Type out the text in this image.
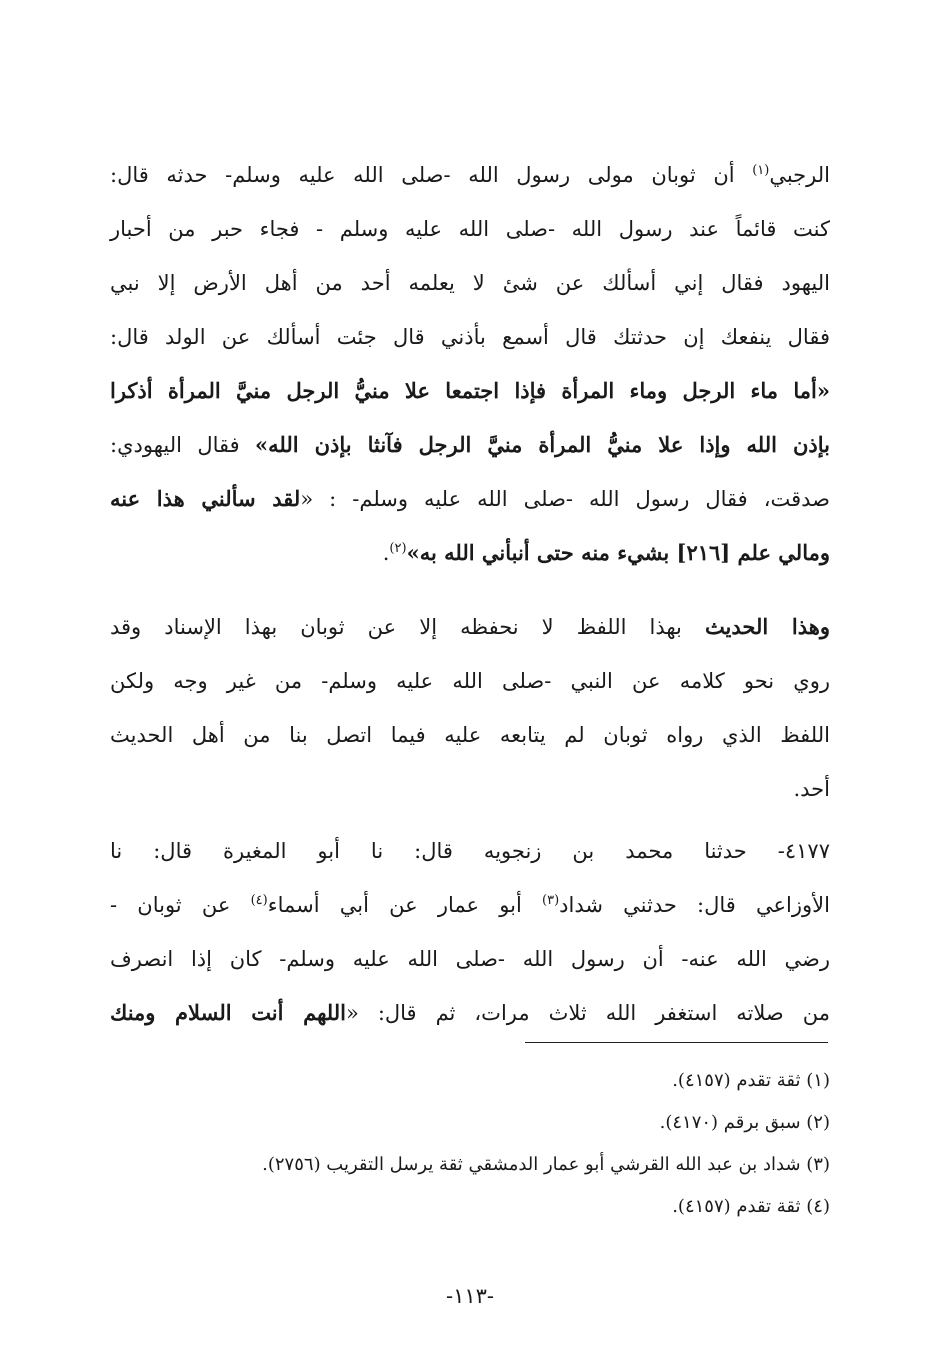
الرجبي$^{(١)}$ أن ثوبان مولى رسول الله -صلى الله عليه وسلم- حدثه قال:
كنت قائماً عند رسول الله -صلى الله عليه وسلم - فجاء حبر من أحبار
اليهود فقال إني أسألك عن شئ لا يعلمه أحد من أهل الأرض إلا نبي
فقال ينفعك إن حدثتك قال أسمع بأذني قال جئت أسألك عن الولد قال:
«أما ماء الرجل وماء المرأة فإذا اجتمعا علا منيُّ الرجل منيَّ المرأة أذكرا
بإذن الله وإذا علا منيُّ المرأة منيَّ الرجل فآنثا بإذن الله» فقال اليهودي:
صدقت، فقال رسول الله -صلى الله عليه وسلم- : «لقد سألني هذا عنه
ومالي علم [٢١٦] بشيء منه حتى أنبأني الله به»$^{(٢)}$.
وهذا الحديث بهذا اللفظ لا نحفظه إلا عن ثوبان بهذا الإسناد وقد
روي نحو كلامه عن النبي -صلى الله عليه وسلم- من غير وجه ولكن
اللفظ الذي رواه ثوبان لم يتابعه عليه فيما اتصل بنا من أهل الحديث
أحد.
٤١٧٧- حدثنا محمد بن زنجويه قال: نا أبو المغيرة قال: نا
الأوزاعي قال: حدثني شداد$^{(٣)}$ أبو عمار عن أبي أسماء$^{(٤)}$ عن ثوبان -
رضي الله عنه- أن رسول الله -صلى الله عليه وسلم- كان إذا انصرف
من صلاته استغفر الله ثلاث مرات، ثم قال: «اللهم أنت السلام ومنك
(١) ثقة تقدم (٤١٥٧).
(٢) سبق برقم (٤١٧٠).
(٣) شداد بن عبد الله القرشي أبو عمار الدمشقي ثقة يرسل التقريب (٢٧٥٦).
(٤) ثقة تقدم (٤١٥٧).
-١١٣-
